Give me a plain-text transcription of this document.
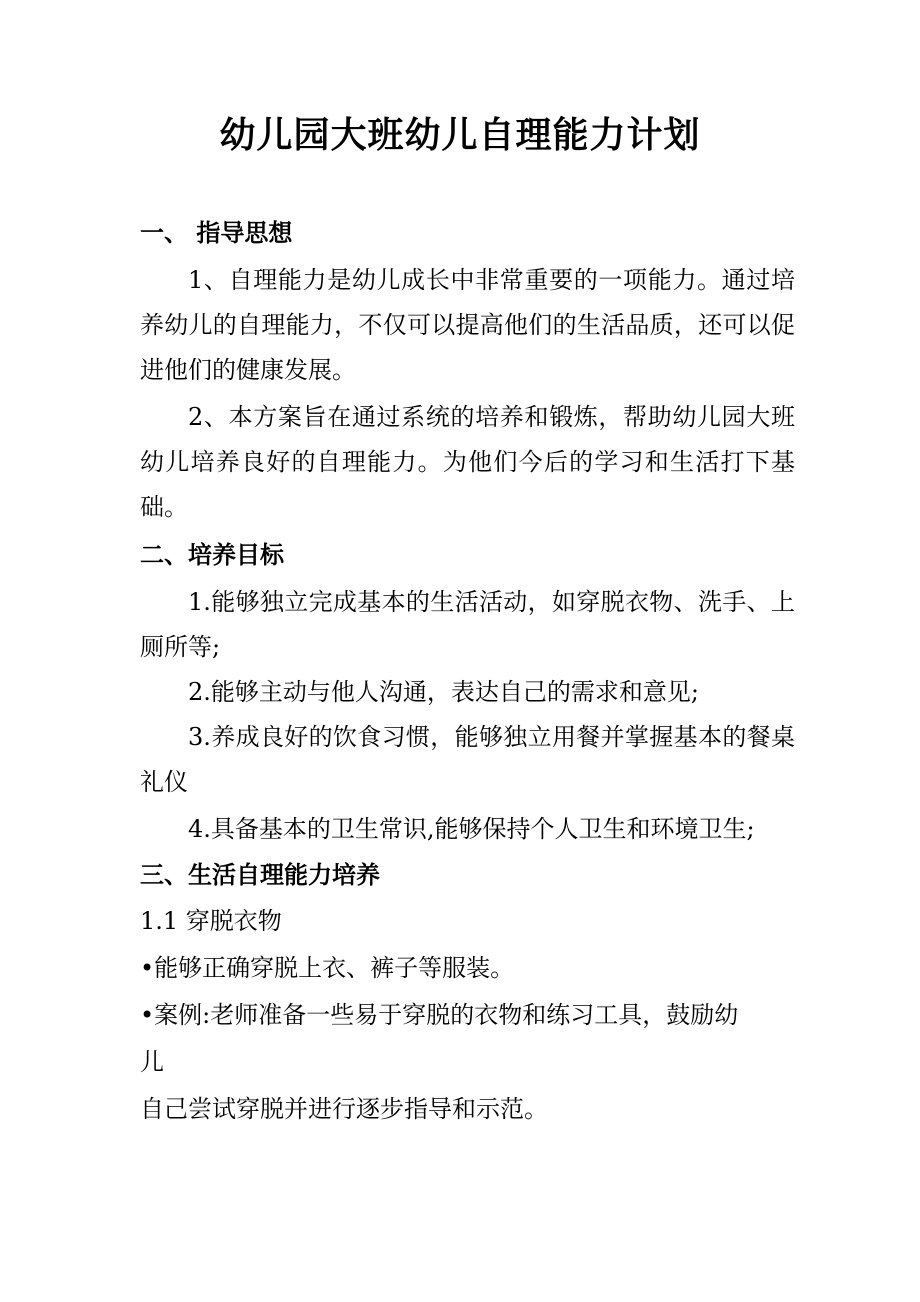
幼儿园大班幼儿自理能力计划

一、 指导思想

1、自理能力是幼儿成长中非常重要的一项能力。通过培养幼儿的自理能力，不仅可以提高他们的生活品质，还可以促进他们的健康发展。

2、本方案旨在通过系统的培养和锻炼，帮助幼儿园大班幼儿培养良好的自理能力。为他们今后的学习和生活打下基础。

二、培养目标

1.能够独立完成基本的生活活动，如穿脱衣物、洗手、上厕所等;

2.能够主动与他人沟通，表达自己的需求和意见;

3.养成良好的饮食习惯，能够独立用餐并掌握基本的餐桌礼仪

4.具备基本的卫生常识,能够保持个人卫生和环境卫生;

三、生活自理能力培养

1.1 穿脱衣物

•能够正确穿脱上衣、裤子等服装。

•案例:老师准备一些易于穿脱的衣物和练习工具，鼓励幼

儿

自己尝试穿脱并进行逐步指导和示范。
